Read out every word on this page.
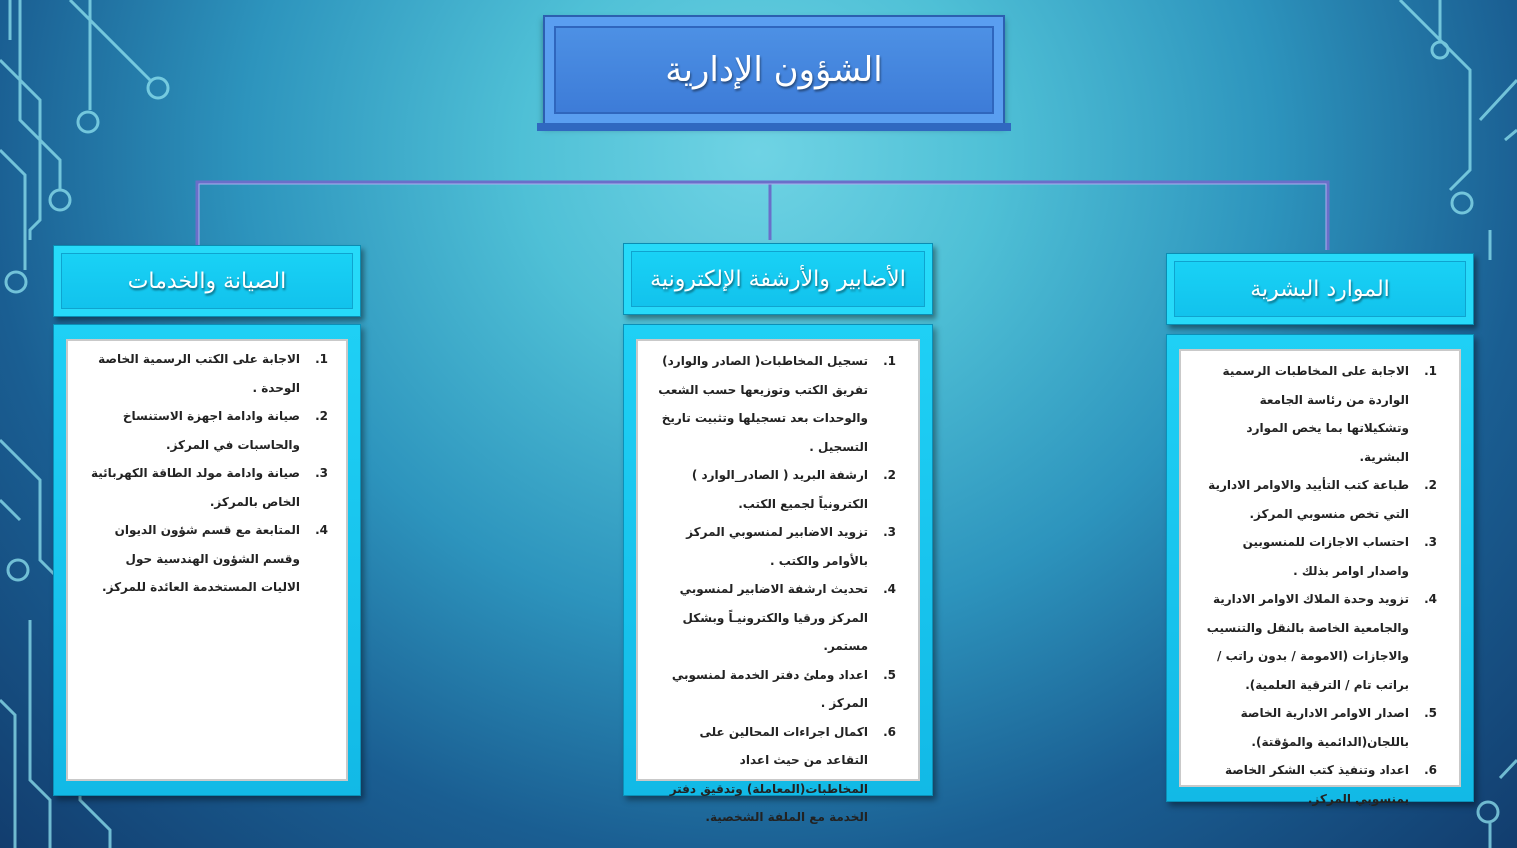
الشؤون الإدارية
الموارد البشرية
الأضابير والأرشفة الإلكترونية
الصيانة والخدمات
1.
الاجابة على المخاطبات الرسمية الواردة من رئاسة الجامعة وتشكيلاتها بما يخص الموارد البشرية.
2.
طباعة كتب التأييد والاوامر الادارية التي تخص منسوبي المركز.
3.
احتساب الاجازات للمنسوبين واصدار اوامر بذلك .
4.
تزويد وحدة الملاك الاوامر الادارية والجامعية الخاصة بالنقل والتنسيب والاجازات (الامومة / بدون راتب / براتب تام / الترقية العلمية).
5.
اصدار الاوامر الادارية الخاصة باللجان(الدائمية والمؤقتة).
6.
اعداد وتنفيذ كتب الشكر الخاصة بمنسوبي المركز.
1.
تسجيل المخاطبات( الصادر والوارد) تفريق الكتب وتوزيعها حسب الشعب والوحدات بعد تسجيلها وتثبيت تاريخ التسجيل .
2.
ارشفة البريد ( الصادر_الوارد ) الكترونياً لجميع الكتب.
3.
تزويد الاضابير لمنسوبي المركز بالأوامر والكتب .
4.
تحديث ارشفة الاضابير لمنسوبي المركز ورقيا والكترونيـاً وبشكل مستمر.
5.
اعداد وملئ دفتر الخدمة لمنسوبي المركز .
6.
اكمال اجراءات المحالين على التقاعد من حيث اعداد المخاطبات(المعاملة) وتدقيق دفتر الخدمة مع الملفة الشخصية.
1.
الاجابة على الكتب الرسمية الخاصة الوحدة .
2.
صيانة وادامة اجهزة الاستنساخ والحاسبات في المركز.
3.
صيانة وادامة مولد الطاقة الكهربائية الخاص بالمركز.
4.
المتابعة مع قسم شؤون الديوان وقسم الشؤون الهندسية حول الاليات المستخدمة العائدة للمركز.
